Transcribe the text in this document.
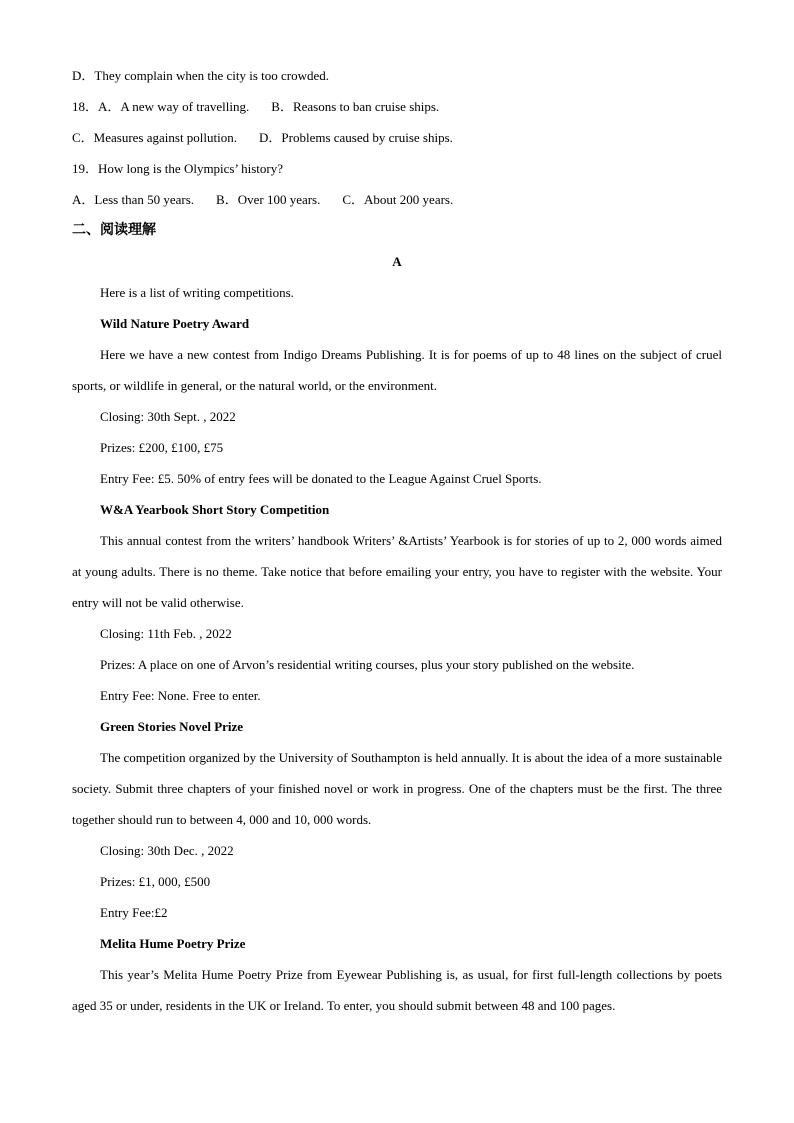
D．They complain when the city is too crowded.
18．A．A new way of travelling. B．Reasons to ban cruise ships.
C．Measures against pollution. D．Problems caused by cruise ships.
19．How long is the Olympics’ history?
A．Less than 50 years. B．Over 100 years. C．About 200 years.
二、阅读理解
A
Here is a list of writing competitions.
Wild Nature Poetry Award
Here we have a new contest from Indigo Dreams Publishing. It is for poems of up to 48 lines on the subject of cruel sports, or wildlife in general, or the natural world, or the environment.
Closing: 30th Sept. , 2022
Prizes: £200, £100, £75
Entry Fee: £5. 50% of entry fees will be donated to the League Against Cruel Sports.
W&A Yearbook Short Story Competition
This annual contest from the writers’ handbook Writers’ &Artists’ Yearbook is for stories of up to 2, 000 words aimed at young adults. There is no theme. Take notice that before emailing your entry, you have to register with the website. Your entry will not be valid otherwise.
Closing: 11th Feb. , 2022
Prizes: A place on one of Arvon’s residential writing courses, plus your story published on the website.
Entry Fee: None. Free to enter.
Green Stories Novel Prize
The competition organized by the University of Southampton is held annually. It is about the idea of a more sustainable society. Submit three chapters of your finished novel or work in progress. One of the chapters must be the first. The three together should run to between 4, 000 and 10, 000 words.
Closing: 30th Dec. , 2022
Prizes: £1, 000, £500
Entry Fee:£2
Melita Hume Poetry Prize
This year’s Melita Hume Poetry Prize from Eyewear Publishing is, as usual, for first full-length collections by poets aged 35 or under, residents in the UK or Ireland. To enter, you should submit between 48 and 100 pages.
